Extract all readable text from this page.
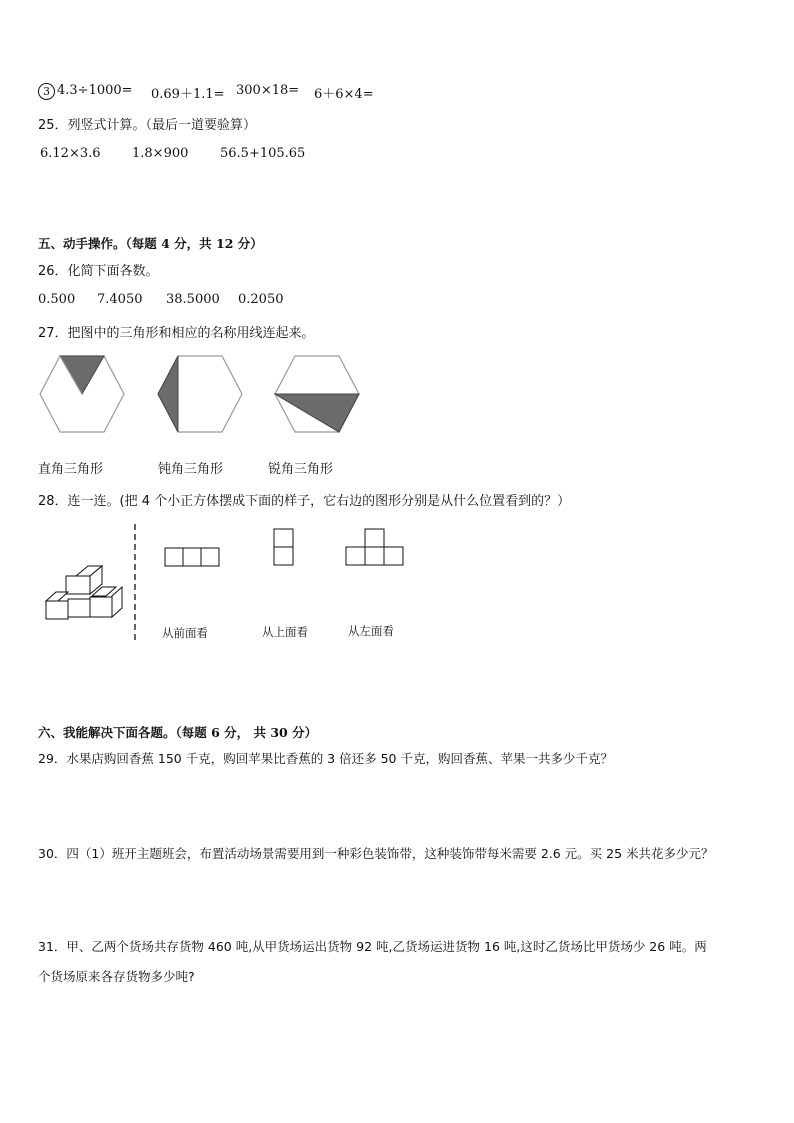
3 4.3÷1000=	0.69＋1.1= 300×18=	6＋6×4=
25．列竖式计算。（最后一道要验算）
6.12×3.6	1.8×900	56.5+105.65
五、动手操作。（每题 4 分，共 12 分）
26．化简下面各数。
0.500	7.4050	38.5000	0.2050
27．把图中的三角形和相应的名称用线连起来。
直角三角形	钝角三角形	锐角三角形
28．连一连。(把 4 个小正方体摆成下面的样子，它右边的图形分别是从什么位置看到的？）
从前面看	从上面看	从左面看
六、我能解决下面各题。（每题 6 分， 共 30 分）
29．水果店购回香蕉 150 千克，购回苹果比香蕉的 3 倍还多 50 千克，购回香蕉、苹果一共多少千克？
30．四（1）班开主题班会，布置活动场景需要用到一种彩色装饰带，这种装饰带每米需要 2.6 元。买 25 米共花多少元？
31．甲、乙两个货场共存货物 460 吨,从甲货场运出货物 92 吨,乙货场运进货物 16 吨,这时乙货场比甲货场少 26 吨。两
个货场原来各存货物多少吨?
